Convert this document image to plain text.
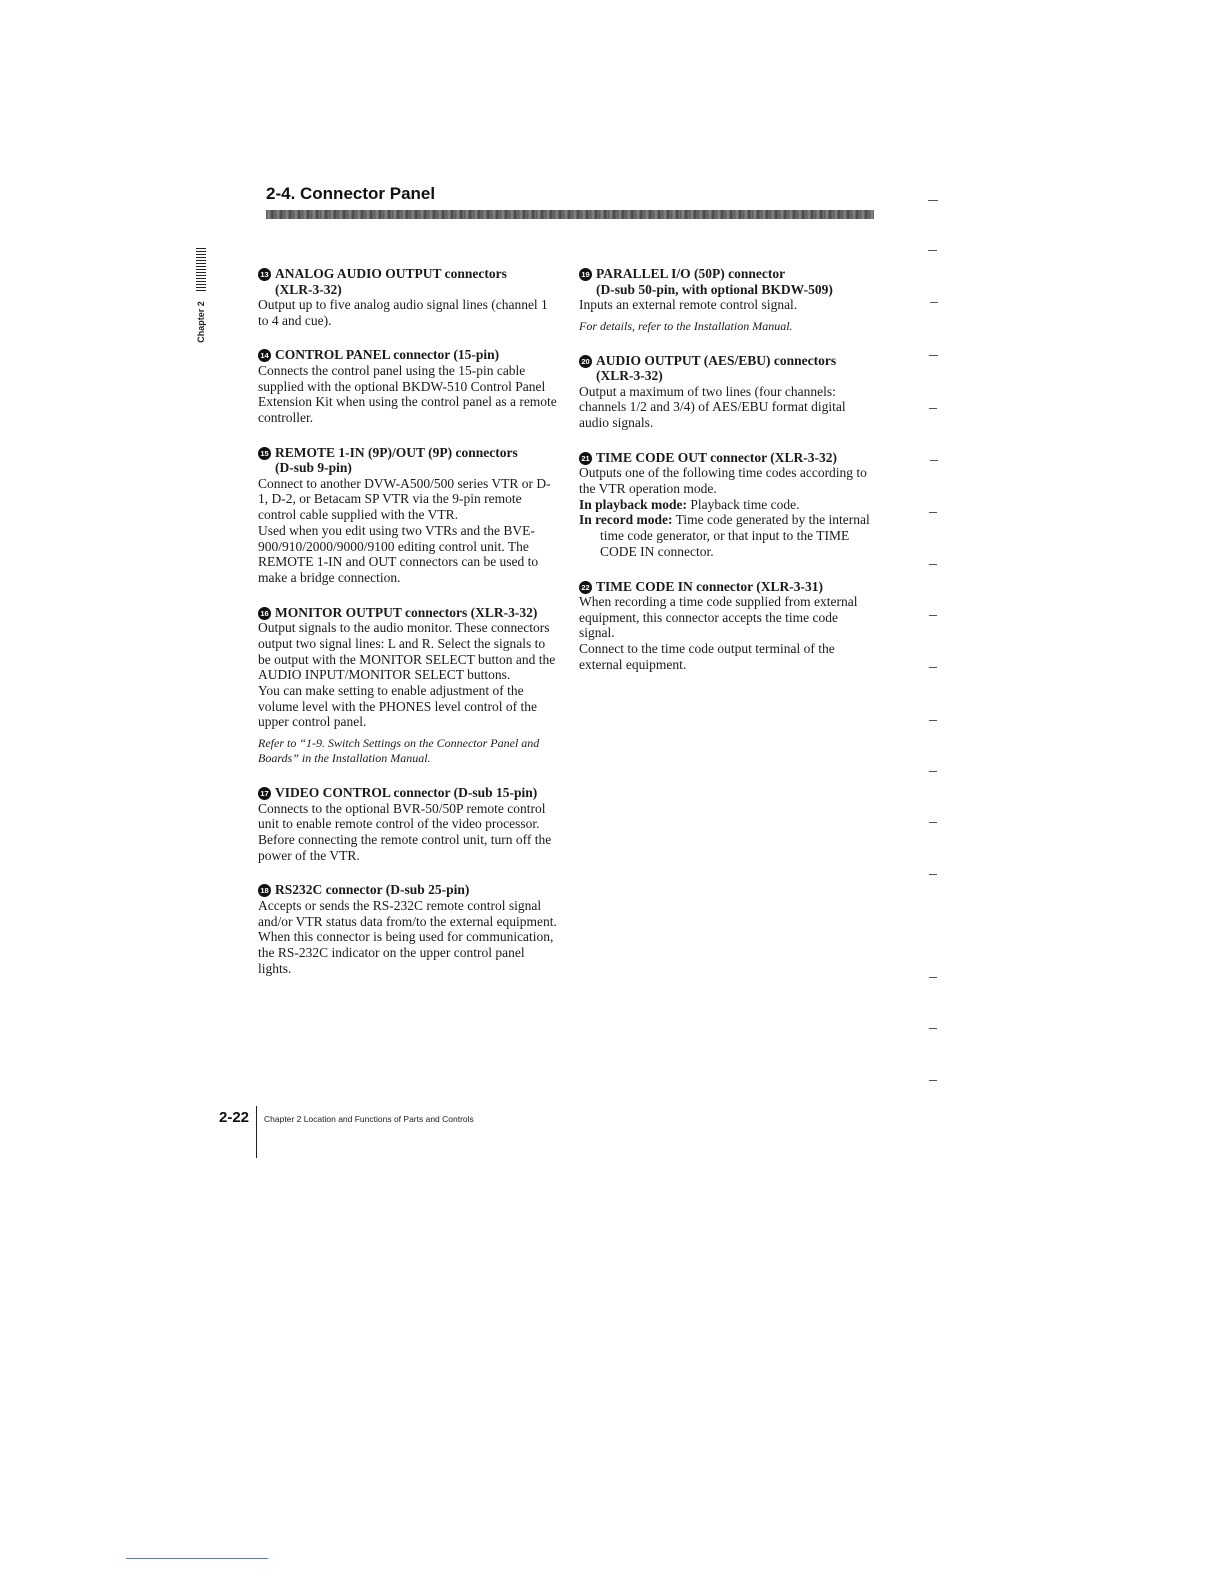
2-4. Connector Panel
Chapter 2

13 ANALOG AUDIO OUTPUT connectors
(XLR-3-32)

Output up to five analog audio signal lines (channel 1 to 4 and cue).

14 CONTROL PANEL connector (15-pin)

Connects the control panel using the 15-pin cable supplied with the optional BKDW-510 Control Panel Extension Kit when using the control panel as a remote controller.

15 REMOTE 1-IN (9P)/OUT (9P) connectors
(D-sub 9-pin)

Connect to another DVW-A500/500 series VTR or D-1, D-2, or Betacam SP VTR via the 9-pin remote control cable supplied with the VTR.

Used when you edit using two VTRs and the BVE-900/910/2000/9000/9100 editing control unit. The REMOTE 1-IN and OUT connectors can be used to make a bridge connection.

16 MONITOR OUTPUT connectors (XLR-3-32)

Output signals to the audio monitor. These connectors output two signal lines: L and R. Select the signals to be output with the MONITOR SELECT button and the AUDIO INPUT/MONITOR SELECT buttons.

You can make setting to enable adjustment of the volume level with the PHONES level control of the upper control panel.

Refer to “1-9. Switch Settings on the Connector Panel and Boards” in the Installation Manual.

17 VIDEO CONTROL connector (D-sub 15-pin)

Connects to the optional BVR-50/50P remote control unit to enable remote control of the video processor.

Before connecting the remote control unit, turn off the power of the VTR.

18 RS232C connector (D-sub 25-pin)

Accepts or sends the RS-232C remote control signal and/or VTR status data from/to the external equipment. When this connector is being used for communication, the RS-232C indicator on the upper control panel lights.

19 PARALLEL I/O (50P) connector
(D-sub 50-pin, with optional BKDW-509)

Inputs an external remote control signal.

For details, refer to the Installation Manual.

20 AUDIO OUTPUT (AES/EBU) connectors
(XLR-3-32)

Output a maximum of two lines (four channels: channels 1/2 and 3/4) of AES/EBU format digital audio signals.

21 TIME CODE OUT connector (XLR-3-32)

Outputs one of the following time codes according to the VTR operation mode.

In playback mode: Playback time code.

In record mode: Time code generated by the internal time code generator, or that input to the TIME CODE IN connector.

22 TIME CODE IN connector (XLR-3-31)

When recording a time code supplied from external equipment, this connector accepts the time code signal.

Connect to the time code output terminal of the external equipment.

2-22 Chapter 2 Location and Functions of Parts and Controls
